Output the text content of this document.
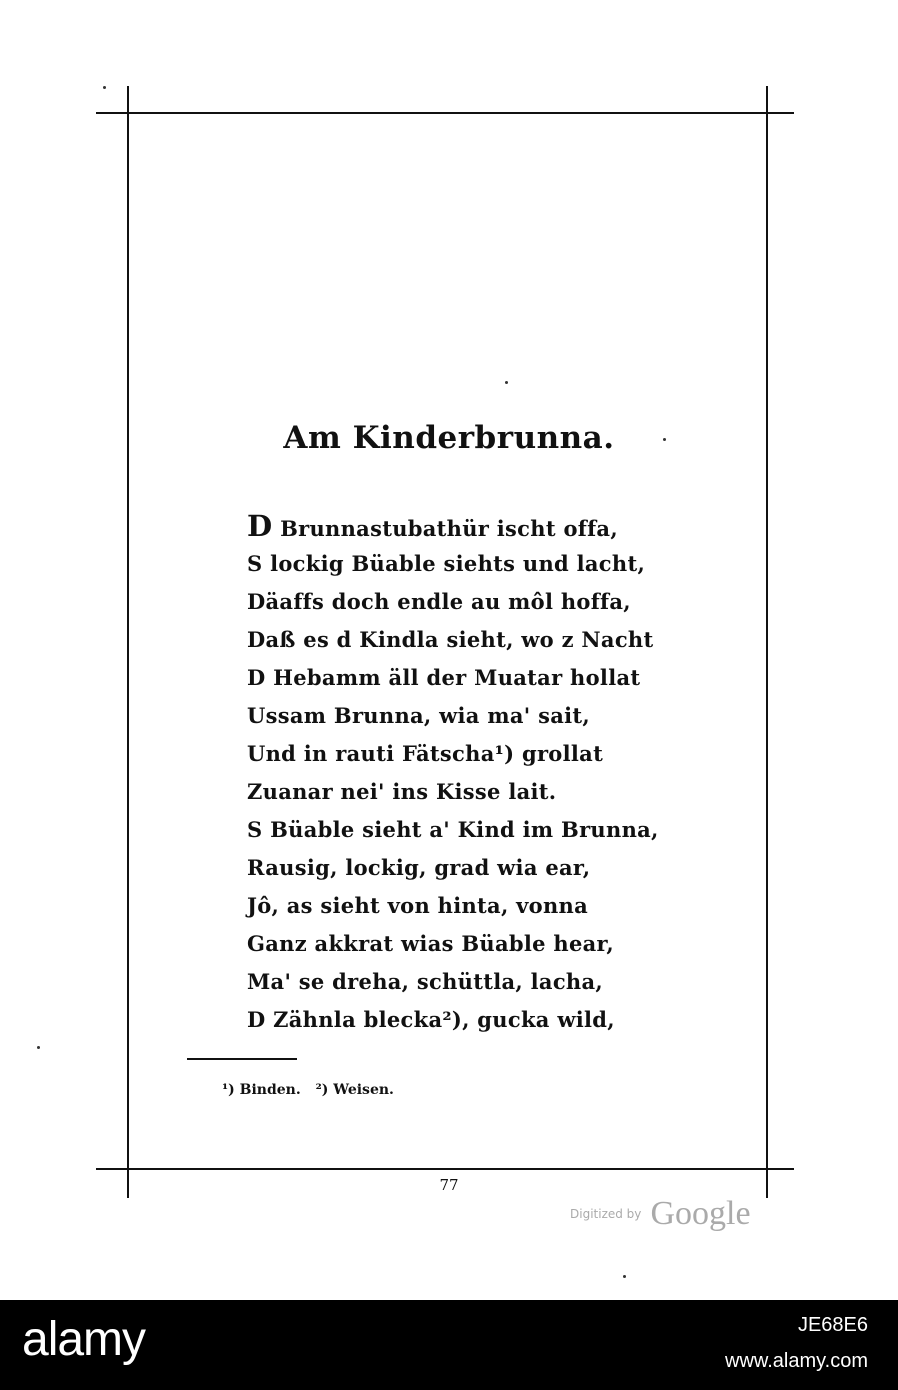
Am Kinderbrunna.
D Brunnastubathür ischt offa,
S lockig Büable siehts und lacht,
Däaffs doch endle au môl hoffa,
Daß es d Kindla sieht, wo z Nacht
D Hebamm äll der Muatar hollat
Ussam Brunna, wia ma' sait,
Und in rauti Fätscha¹) grollat
Zuanar nei' ins Kisse lait.
S Büable sieht a' Kind im Brunna,
Rausig, lockig, grad wia ear,
Jô, as sieht von hinta, vonna
Ganz akkrat wias Büable hear,
Ma' se dreha, schüttla, lacha,
D Zähnla blecka²), gucka wild,
¹) Binden. ²) Weisen.
77
$^{Digitized by}$ Google
alamy	JE68E6
www.alamy.com
